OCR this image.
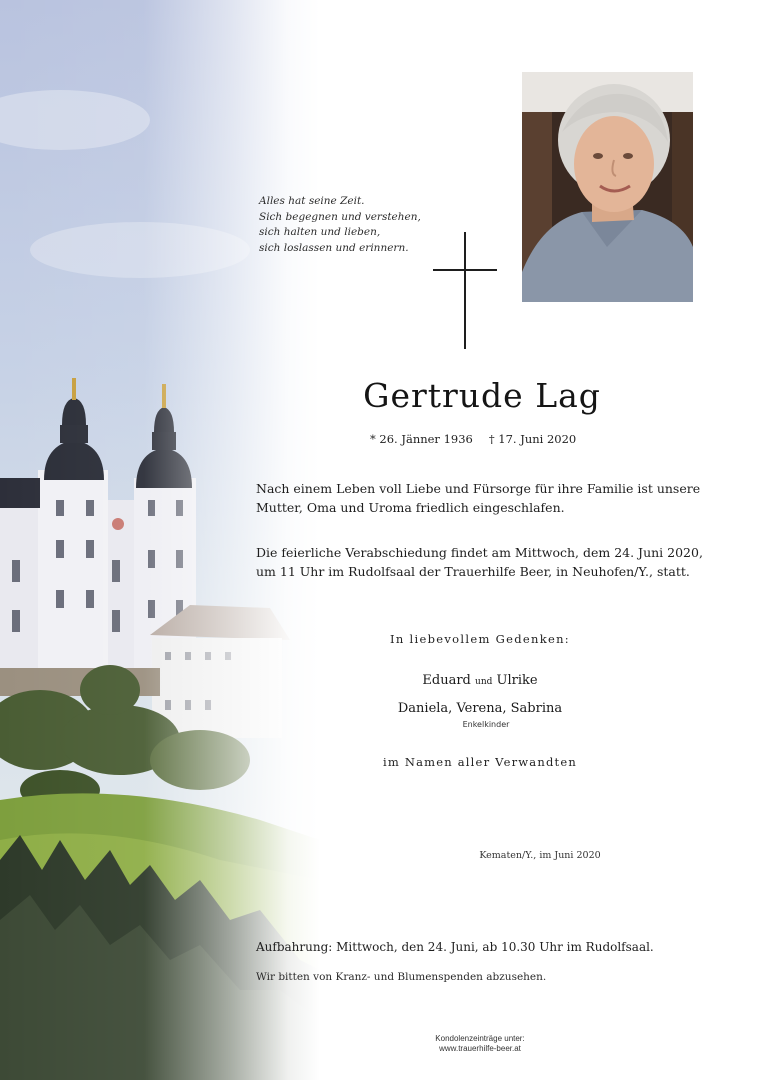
Alles hat seine Zeit.
Sich begegnen und verstehen,
sich halten und lieben,
sich loslassen und erinnern.
Gertrude Lag
* 26. Jänner 1936 † 17. Juni 2020
Nach einem Leben voll Liebe und Fürsorge für ihre Familie ist unsere
Mutter, Oma und Uroma friedlich eingeschlafen.
Die feierliche Verabschiedung findet am Mittwoch, dem 24. Juni 2020,
um 11 Uhr im Rudolfsaal der Trauerhilfe Beer, in Neuhofen/Y., statt.
In liebevollem Gedenken:
Eduard und Ulrike
Daniela, Verena, Sabrina
Enkelkinder
im Namen aller Verwandten
Kematen/Y., im Juni 2020
Aufbahrung: Mittwoch, den 24. Juni, ab 10.30 Uhr im Rudolfsaal.
Wir bitten von Kranz- und Blumenspenden abzusehen.
Kondolenzeinträge unter:
www.trauerhilfe-beer.at
